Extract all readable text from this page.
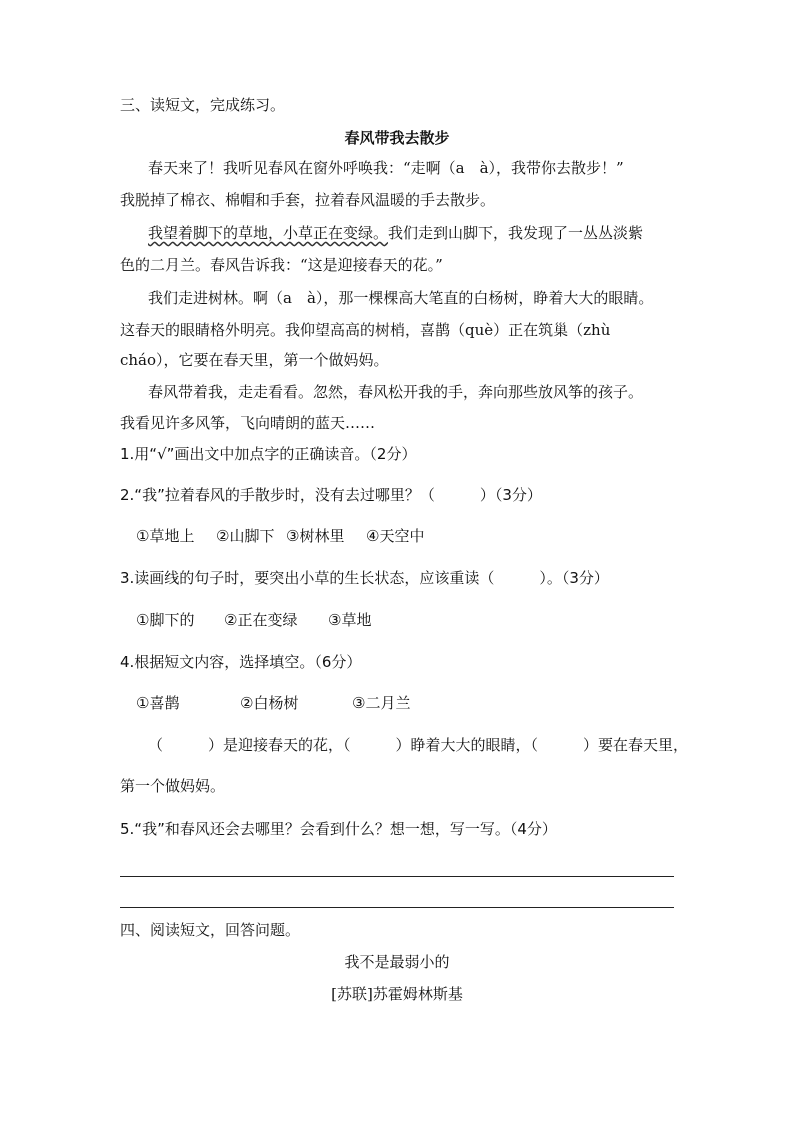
三、读短文，完成练习。
春风带我去散步
春天来了！我听见春风在窗外呼唤我：“走啊（a　à），我带你去散步！”
我脱掉了棉衣、棉帽和手套，拉着春风温暖的手去散步。
我望着脚下的草地，小草正在变绿。我们走到山脚下，我发现了一丛丛淡紫
色的二月兰。春风告诉我：“这是迎接春天的花。”
我们走进树林。啊（a　à），那一棵棵高大笔直的白杨树，睁着大大的眼睛。
这春天的眼睛格外明亮。我仰望高高的树梢，喜鹊（què）正在筑巢（zhù
cháo），它要在春天里，第一个做妈妈。
春风带着我，走走看看。忽然，春风松开我的手，奔向那些放风筝的孩子。
我看见许多风筝，飞向晴朗的蓝天……
1.用“√”画出文中加点字的正确读音。（2分）
2.“我”拉着春风的手散步时，没有去过哪里？（　　　）（3分）
①草地上 ②山脚下 ③树林里 ④天空中
3.读画线的句子时，要突出小草的生长状态，应该重读（　　　）。（3分）
①脚下的 ②正在变绿 ③草地
4.根据短文内容，选择填空。（6分）
①喜鹊	②白杨树	③二月兰
（　　　）是迎接春天的花，（　　　）睁着大大的眼睛，（　　　）要在春天里，
第一个做妈妈。
5.“我”和春风还会去哪里？会看到什么？想一想，写一写。（4分）
四、阅读短文，回答问题。
我不是最弱小的
[苏联]苏霍姆林斯基
